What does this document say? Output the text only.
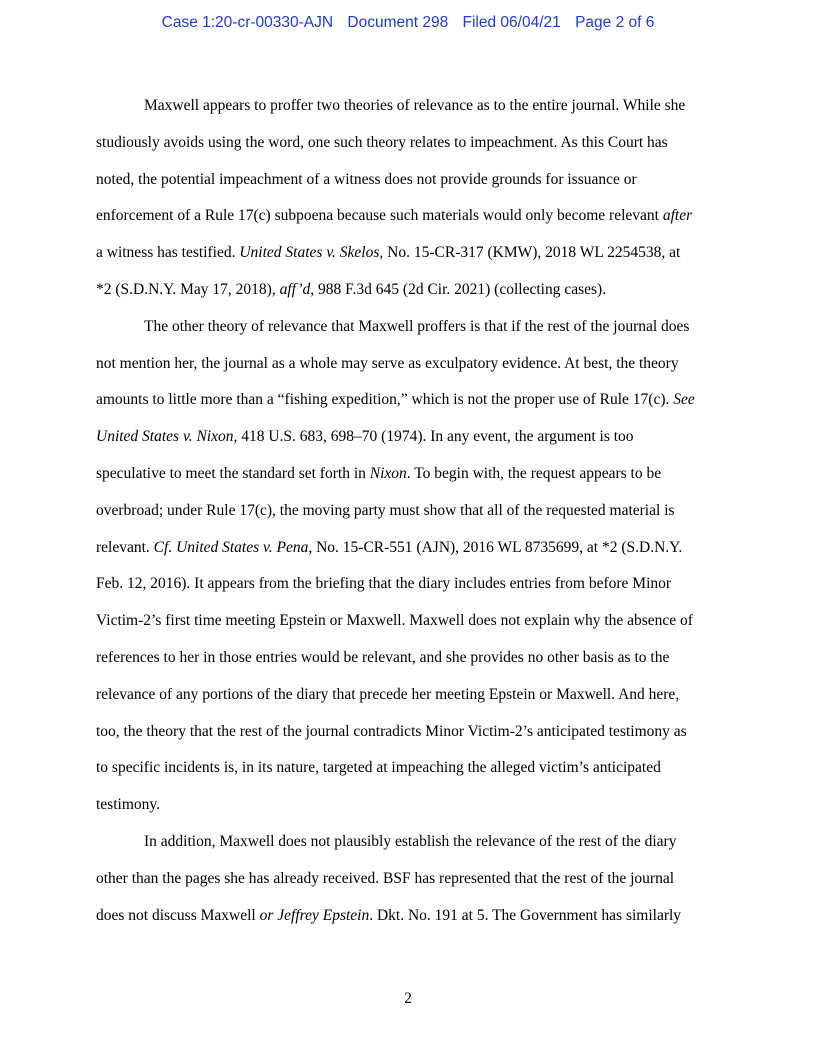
Case 1:20-cr-00330-AJN Document 298 Filed 06/04/21 Page 2 of 6
Maxwell appears to proffer two theories of relevance as to the entire journal. While she
studiously avoids using the word, one such theory relates to impeachment. As this Court has
noted, the potential impeachment of a witness does not provide grounds for issuance or
enforcement of a Rule 17(c) subpoena because such materials would only become relevant after
a witness has testified. United States v. Skelos, No. 15-CR-317 (KMW), 2018 WL 2254538, at
*2 (S.D.N.Y. May 17, 2018), aff’d, 988 F.3d 645 (2d Cir. 2021) (collecting cases).
The other theory of relevance that Maxwell proffers is that if the rest of the journal does
not mention her, the journal as a whole may serve as exculpatory evidence. At best, the theory
amounts to little more than a “fishing expedition,” which is not the proper use of Rule 17(c). See
United States v. Nixon, 418 U.S. 683, 698–70 (1974). In any event, the argument is too
speculative to meet the standard set forth in Nixon. To begin with, the request appears to be
overbroad; under Rule 17(c), the moving party must show that all of the requested material is
relevant. Cf. United States v. Pena, No. 15-CR-551 (AJN), 2016 WL 8735699, at *2 (S.D.N.Y.
Feb. 12, 2016). It appears from the briefing that the diary includes entries from before Minor
Victim-2’s first time meeting Epstein or Maxwell. Maxwell does not explain why the absence of
references to her in those entries would be relevant, and she provides no other basis as to the
relevance of any portions of the diary that precede her meeting Epstein or Maxwell. And here,
too, the theory that the rest of the journal contradicts Minor Victim-2’s anticipated testimony as
to specific incidents is, in its nature, targeted at impeaching the alleged victim’s anticipated
testimony.
In addition, Maxwell does not plausibly establish the relevance of the rest of the diary
other than the pages she has already received. BSF has represented that the rest of the journal
does not discuss Maxwell or Jeffrey Epstein. Dkt. No. 191 at 5. The Government has similarly
2
